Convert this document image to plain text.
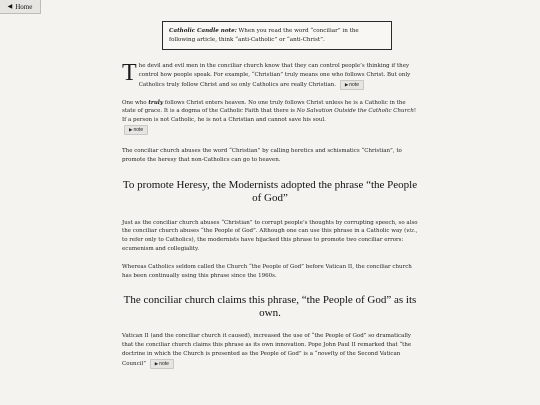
◀ Home
Catholic Candle note: When you read the word “conciliar” in the following article, think “anti-Catholic” or “anti-Christ”.

The devil and evil men in the conciliar church know that they can control people’s thinking if they control how people speak. For example, “Christian” truly means one who follows Christ. But only Catholics truly follow Christ and so only Catholics are really Christian. ▶note

One who truly follows Christ enters heaven. No one truly follows Christ unless he is a Catholic in the state of grace. It is a dogma of the Catholic Faith that there is No Salvation Outside the Catholic Church! If a person is not Catholic, he is not a Christian and cannot save his soul.
▶note

The conciliar church abuses the word “Christian” by calling heretics and schismatics “Christian”, to promote the heresy that non-Catholics can go to heaven.

To promote Heresy, the Modernists adopted the phrase “the People of God”

Just as the conciliar church abuses “Christian” to corrupt people’s thoughts by corrupting speech, so also the conciliar church abuses “the People of God”. Although one can use this phrase in a Catholic way (viz., to refer only to Catholics), the modernists have hijacked this phrase to promote two conciliar errors: ecumenism and collegiality.

Whereas Catholics seldom called the Church “the People of God” before Vatican II, the conciliar church has been continually using this phrase since the 1960s.

The conciliar church claims this phrase, “the People of God” as its own.

Vatican II (and the conciliar church it caused), increased the use of “the People of God” so dramatically that the conciliar church claims this phrase as its own innovation. Pope John Paul II remarked that “the doctrine in which the Church is presented as the People of God” is a “novelty of the Second Vatican Council” ▶note
